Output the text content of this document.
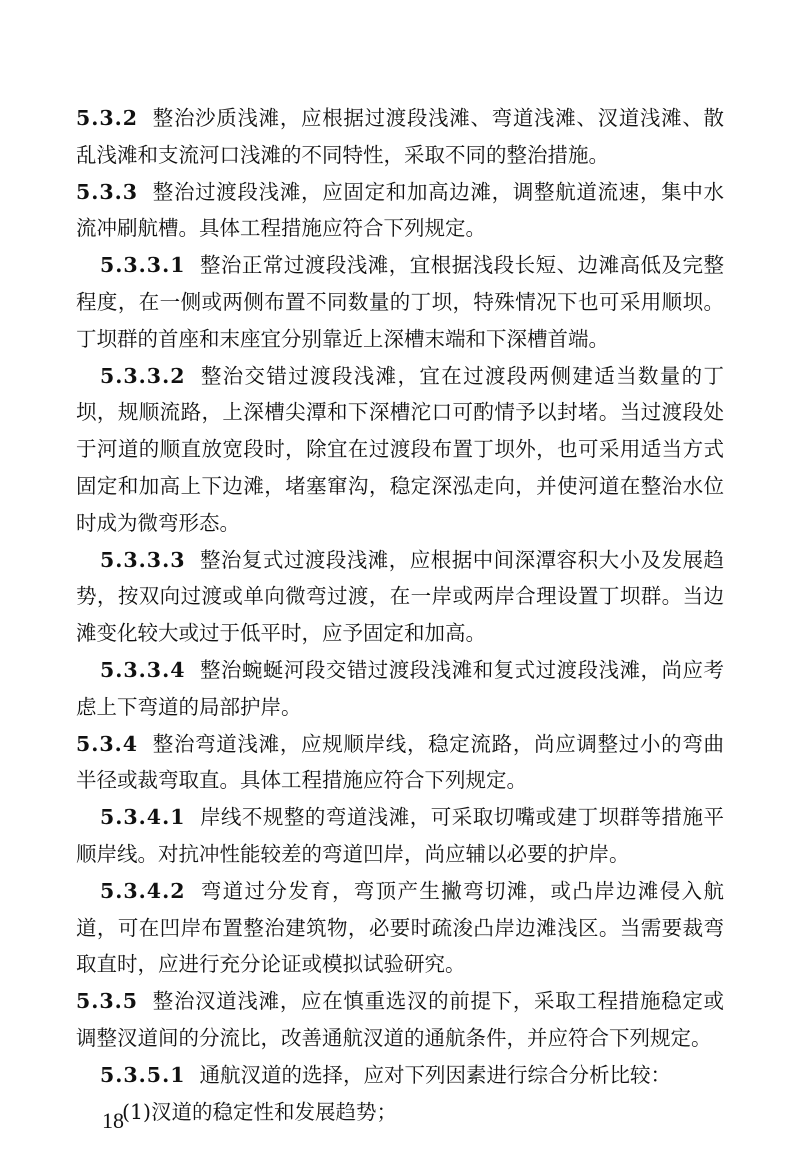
5.3.2 整治沙质浅滩，应根据过渡段浅滩、弯道浅滩、汊道浅滩、散乱浅滩和支流河口浅滩的不同特性，采取不同的整治措施。

5.3.3 整治过渡段浅滩，应固定和加高边滩，调整航道流速，集中水流冲刷航槽。具体工程措施应符合下列规定。

5.3.3.1 整治正常过渡段浅滩，宜根据浅段长短、边滩高低及完整程度，在一侧或两侧布置不同数量的丁坝，特殊情况下也可采用顺坝。丁坝群的首座和末座宜分别靠近上深槽末端和下深槽首端。

5.3.3.2 整治交错过渡段浅滩，宜在过渡段两侧建适当数量的丁坝，规顺流路，上深槽尖潭和下深槽沱口可酌情予以封堵。当过渡段处于河道的顺直放宽段时，除宜在过渡段布置丁坝外，也可采用适当方式固定和加高上下边滩，堵塞窜沟，稳定深泓走向，并使河道在整治水位时成为微弯形态。

5.3.3.3 整治复式过渡段浅滩，应根据中间深潭容积大小及发展趋势，按双向过渡或单向微弯过渡，在一岸或两岸合理设置丁坝群。当边滩变化较大或过于低平时，应予固定和加高。

5.3.3.4 整治蜿蜒河段交错过渡段浅滩和复式过渡段浅滩，尚应考虑上下弯道的局部护岸。

5.3.4 整治弯道浅滩，应规顺岸线，稳定流路，尚应调整过小的弯曲半径或裁弯取直。具体工程措施应符合下列规定。

5.3.4.1 岸线不规整的弯道浅滩，可采取切嘴或建丁坝群等措施平顺岸线。对抗冲性能较差的弯道凹岸，尚应辅以必要的护岸。

5.3.4.2 弯道过分发育，弯顶产生撇弯切滩，或凸岸边滩侵入航道，可在凹岸布置整治建筑物，必要时疏浚凸岸边滩浅区。当需要裁弯取直时，应进行充分论证或模拟试验研究。

5.3.5 整治汊道浅滩，应在慎重选汊的前提下，采取工程措施稳定或调整汊道间的分流比，改善通航汊道的通航条件，并应符合下列规定。

5.3.5.1 通航汊道的选择，应对下列因素进行综合分析比较：

(1)汊道的稳定性和发展趋势；

18
